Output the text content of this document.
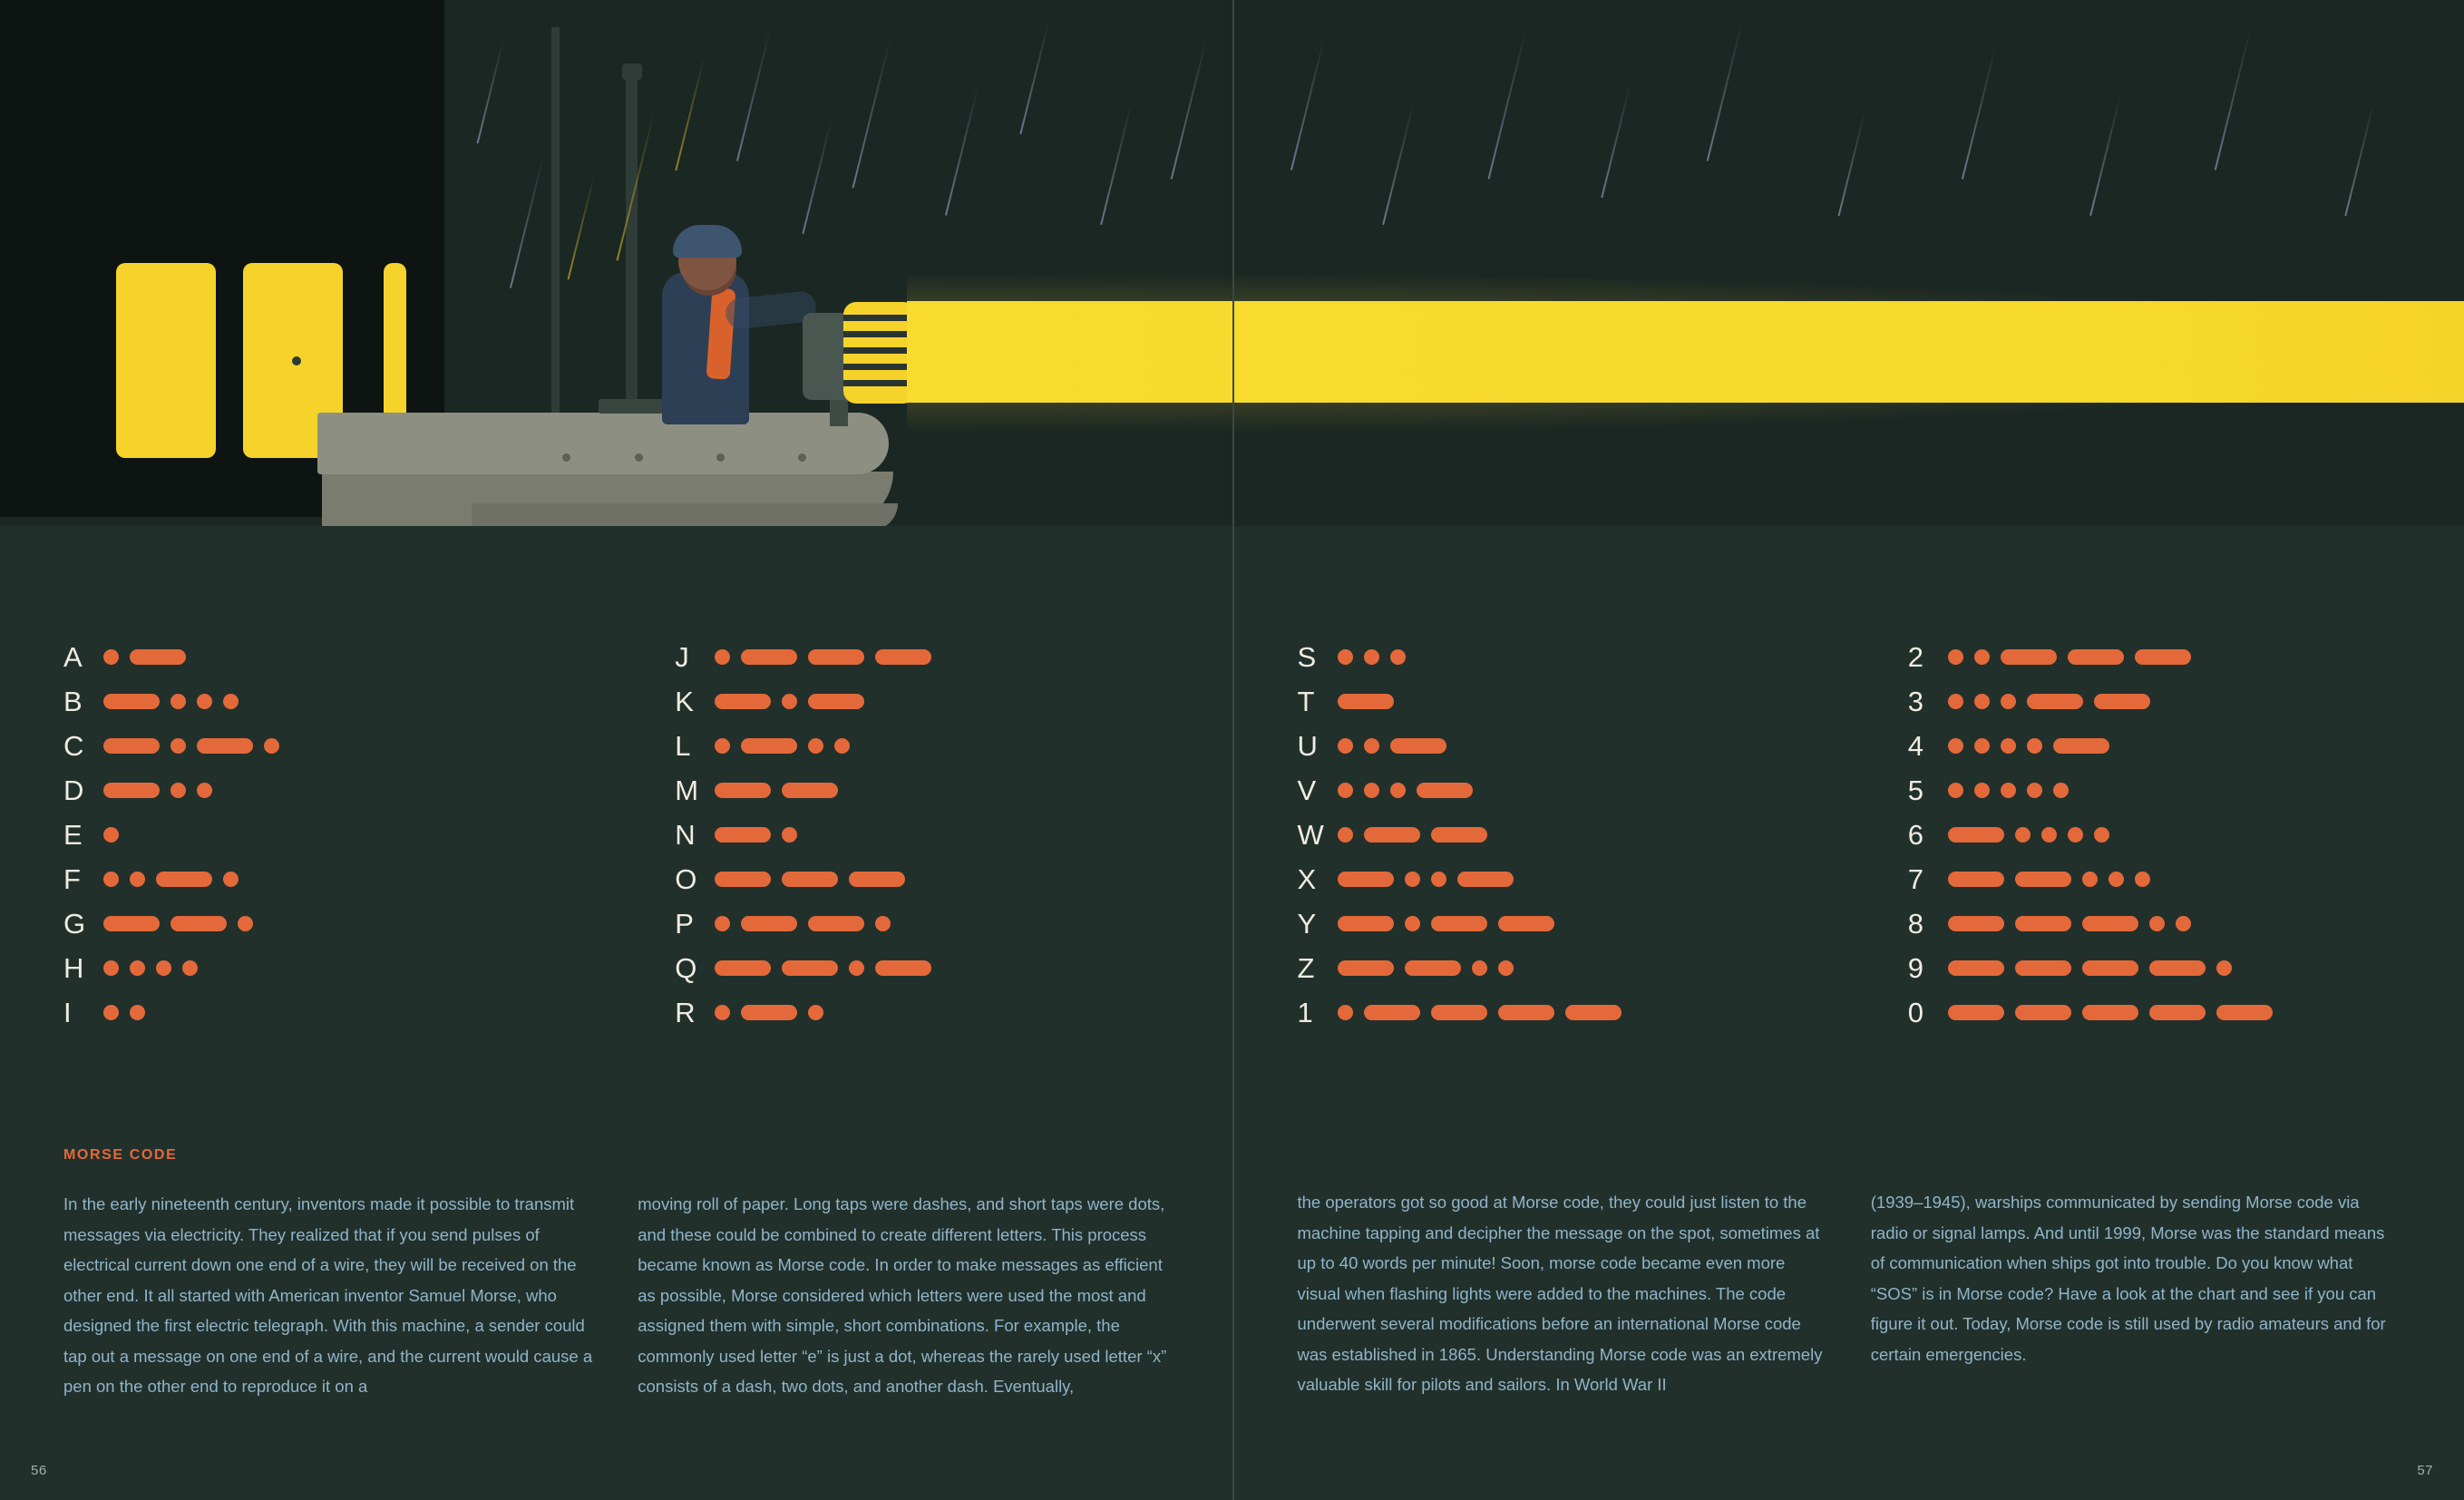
A
B
C
D
E
F
G
H
I
J
K
L
M
N
O
P
Q
R
MORSE CODE

In the early nineteenth century, inventors made it possible to transmit messages via electricity. They realized that if you send pulses of electrical current down one end of a wire, they will be received on the other end. It all started with American inventor Samuel Morse, who designed the first electric telegraph. With this machine, a sender could tap out a message on one end of a wire, and the current would cause a pen on the other end to reproduce it on a

moving roll of paper. Long taps were dashes, and short taps were dots, and these could be combined to create different letters. This process became known as Morse code. In order to make messages as efficient as possible, Morse considered which letters were used the most and assigned them with simple, short combinations. For example, the commonly used letter “e” is just a dot, whereas the rarely used letter “x” consists of a dash, two dots, and another dash. Eventually,

56
S
T
U
V
W
X
Y
Z
1
2
3
4
5
6
7
8
9
0

the operators got so good at Morse code, they could just listen to the machine tapping and decipher the message on the spot, sometimes at up to 40 words per minute! Soon, morse code became even more visual when flashing lights were added to the machines. The code underwent several modifications before an international Morse code was established in 1865. Understanding Morse code was an extremely valuable skill for pilots and sailors. In World War II

(1939–1945), warships communicated by sending Morse code via radio or signal lamps. And until 1999, Morse was the standard means of communication when ships got into trouble. Do you know what “SOS” is in Morse code? Have a look at the chart and see if you can figure it out. Today, Morse code is still used by radio amateurs and for certain emergencies.

57
